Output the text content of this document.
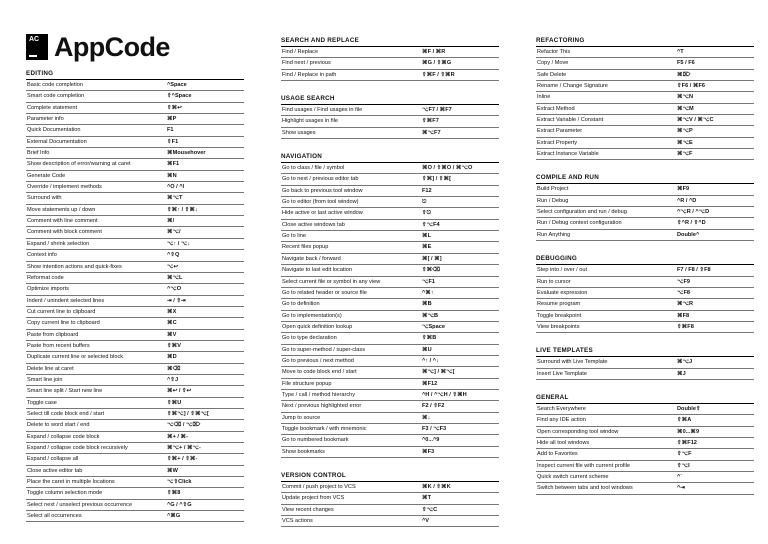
AC AppCode
EDITING
Basic code completion	^Space
Smart code completion	⇧^Space
Complete statement	⇧⌘↩
Parameter info	⌘P
Quick Documentation	F1
External Documentation	⇧F1
Brief Info	⌘Mousehover
Show description of error/warning at caret	⌘F1
Generate Code	⌘N
Override / implement methods	^O / ^I
Surround with	⌘⌥T
Move statements up / down	⇧⌘↑ / ⇧⌘↓
Comment with line comment	⌘/
Comment with block comment	⌘⌥/
Expand / shrink selection	⌥↑ / ⌥↓
Context info	^⇧Q
Show intention actions and quick-fixes	⌥↩
Reformat code	⌘⌥L
Optimize imports	^⌥O
Indent / unindent selected lines	⇥ / ⇧⇥
Cut current line to clipboard	⌘X
Copy current line to clipboard	⌘C
Paste from clipboard	⌘V
Paste from recent buffers	⇧⌘V
Duplicate current line or selected block	⌘D
Delete line at caret	⌘⌫
Smart line join	^⇧J
Smart line split / Start new line	⌘↩ / ⇧↩
Toggle case	⇧⌘U
Select till code block end / start	⇧⌘⌥] / ⇧⌘⌥[
Delete to word start / end	⌥⌫ / ⌥⌦
Expand / collapse code block	⌘+ / ⌘-
Expand / collapse code block recursively	⌘⌥+ / ⌘⌥-
Expand / collapse all	⇧⌘+ / ⇧⌘-
Close active editor tab	⌘W
Place the caret in multiple locations	⌥⇧Click
Toggle column selection mode	⇧⌘8
Select next / unselect previous occurrence	^G / ^⇧G
Select all occurrences	^⌘G
SEARCH AND REPLACE
Find / Replace	⌘F / ⌘R
Find next / previous	⌘G / ⇧⌘G
Find / Replace in path	⇧⌘F / ⇧⌘R
USAGE SEARCH
Find usages / Find usages in file	⌥F7 / ⌘F7
Highlight usages in file	⇧⌘F7
Show usages	⌘⌥F7
NAVIGATION
Go to class / file / symbol	⌘O / ⇧⌘O / ⌘⌥O
Go to next / previous editor tab	⇧⌘] / ⇧⌘[
Go back to previous tool window	F12
Go to editor (from tool window)	⎋
Hide active or last active window	⇧⎋
Close active windows tab	⇧⌥F4
Go to line	⌘L
Recent files popup	⌘E
Navigate back / forward	⌘[ / ⌘]
Navigate to last edit location	⇧⌘⌫
Select current file or symbol in any view	⌥F1
Go to related header or source file	^⌘↑
Go to definition	⌘B
Go to implementation(s)	⌘⌥B
Open quick definition lookup	⌥Space
Go to type declaration	⇧⌘B
Go to super-method / super-class	⌘U
Go to previous / next method	^↑ / ^↓
Move to code block end / start	⌘⌥] / ⌘⌥[
File structure popup	⌘F12
Type / call / method hierarchy	^H / ^⌥H / ⇧⌘H
Next / previous highlighted error	F2 / ⇧F2
Jump to source	⌘↓
Toggle bookmark / with mnemonic	F3 / ⌥F3
Go to numbered bookmark	^0...^9
Show bookmarks	⌘F3
VERSION CONTROL
Commit / push project to VCS	⌘K / ⇧⌘K
Update project from VCS	⌘T
View recent changes	⇧⌥C
VCS actions	^V
REFACTORING
Refactor This	^T
Copy / Move	F5 / F6
Safe Delete	⌘⌦
Rename / Change Signature	⇧F6 / ⌘F6
Inline	⌘⌥N
Extract Method	⌘⌥M
Extract Variable / Constant	⌘⌥V / ⌘⌥C
Extract Parameter	⌘⌥P
Extract Property	⌘⌥E
Extract Instance Variable	⌘⌥F
COMPILE AND RUN
Build Project	⌘F9
Run / Debug	^R / ^D
Select configuration and run / debug	^⌥R / ^⌥D
Run / Debug context configuration	⇧^R / ⇧^D
Run Anything	Double^
DEBUGGING
Step into / over / out	F7 / F8 / ⇧F8
Run to cursor	⌥F9
Evaluate expression	⌥F8
Resume program	⌘⌥R
Toggle breakpoint	⌘F8
View breakpoints	⇧⌘F8
LIVE TEMPLATES
Surround with Live Template	⌘⌥J
Insert Live Template	⌘J
GENERAL
Search Everywhere	Double⇧
Find any IDE action	⇧⌘A
Open corresponding tool window	⌘0...⌘9
Hide all tool windows	⇧⌘F12
Add to Favorites	⇧⌥F
Inspect current file with current profile	⇧⌥I
Quick switch current scheme	^`
Switch between tabs and tool windows	^⇥
